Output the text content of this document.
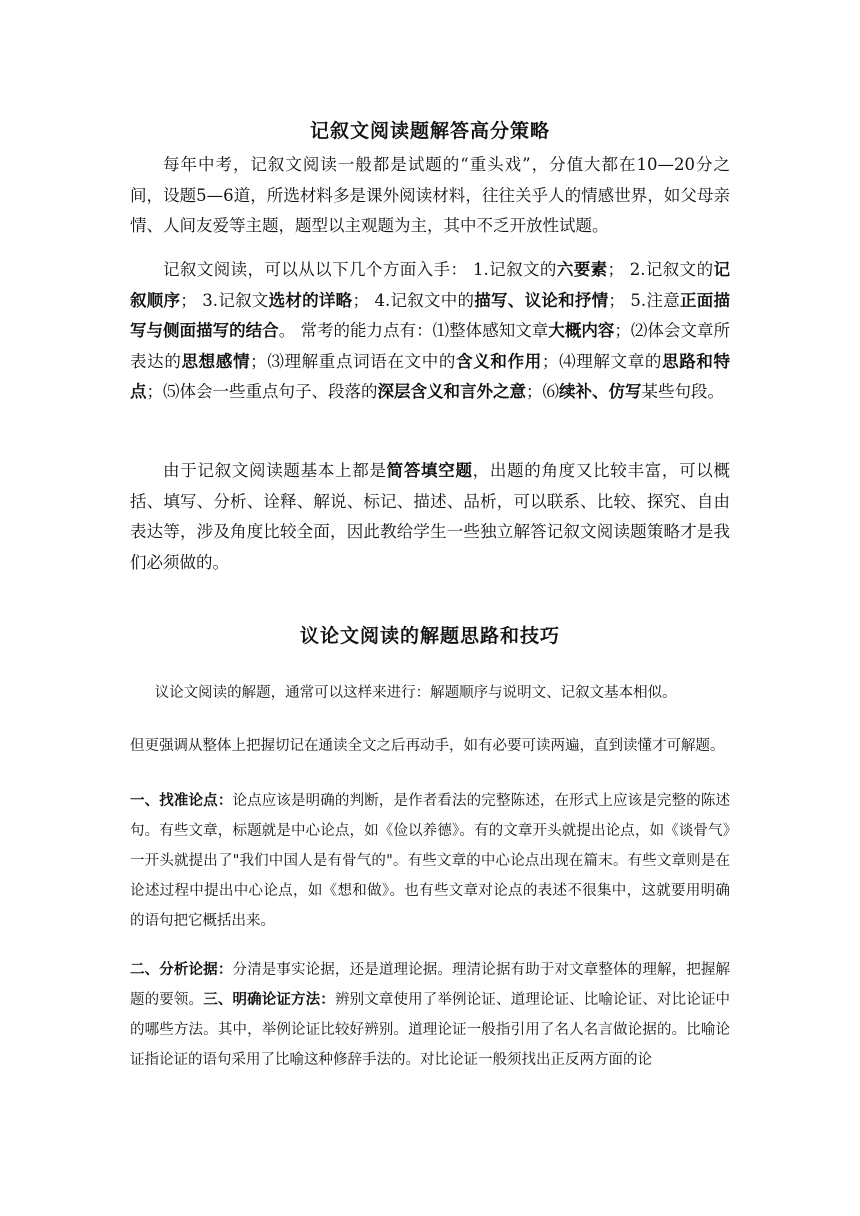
记叙文阅读题解答高分策略

每年中考，记叙文阅读一般都是试题的“重头戏”，分值大都在10—20分之间，设题5—6道，所选材料多是课外阅读材料，往往关乎人的情感世界，如父母亲情、人间友爱等主题，题型以主观题为主，其中不乏开放性试题。

记叙文阅读，可以从以下几个方面入手： 1.记叙文的六要素； 2.记叙文的记叙顺序； 3.记叙文选材的详略； 4.记叙文中的描写、议论和抒情； 5.注意正面描写与侧面描写的结合。 常考的能力点有：⑴整体感知文章大概内容；⑵体会文章所表达的思想感情；⑶理解重点词语在文中的含义和作用；⑷理解文章的思路和特点；⑸体会一些重点句子、段落的深层含义和言外之意；⑹续补、仿写某些句段。

由于记叙文阅读题基本上都是简答填空题，出题的角度又比较丰富，可以概括、填写、分析、诠释、解说、标记、描述、品析，可以联系、比较、探究、自由表达等，涉及角度比较全面，因此教给学生一些独立解答记叙文阅读题策略才是我们必须做的。

议论文阅读的解题思路和技巧

议论文阅读的解题，通常可以这样来进行：解题顺序与说明文、记叙文基本相似。

但更强调从整体上把握切记在通读全文之后再动手，如有必要可读两遍，直到读懂才可解题。

一、找准论点：论点应该是明确的判断，是作者看法的完整陈述，在形式上应该是完整的陈述句。有些文章，标题就是中心论点，如《俭以养德》。有的文章开头就提出论点，如《谈骨气》一开头就提出了"我们中国人是有骨气的"。有些文章的中心论点出现在篇末。有些文章则是在论述过程中提出中心论点，如《想和做》。也有些文章对论点的表述不很集中，这就要用明确的语句把它概括出来。

二、分析论据：分清是事实论据，还是道理论据。理清论据有助于对文章整体的理解，把握解题的要领。三、明确论证方法：辨别文章使用了举例论证、道理论证、比喻论证、对比论证中的哪些方法。其中，举例论证比较好辨别。道理论证一般指引用了名人名言做论据的。比喻论证指论证的语句采用了比喻这种修辞手法的。对比论证一般须找出正反两方面的论
